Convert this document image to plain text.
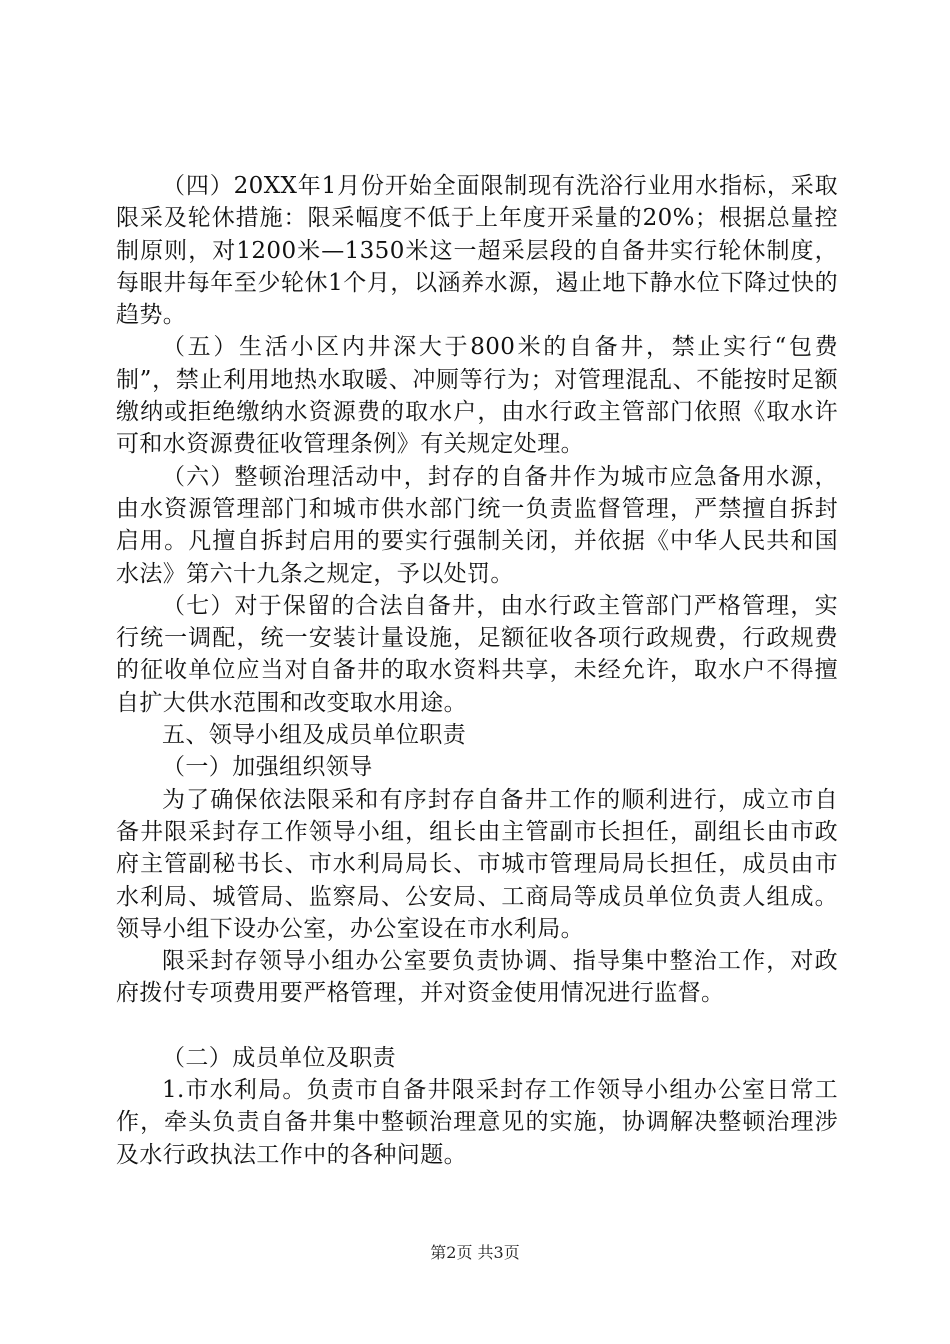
（四）20XX年1月份开始全面限制现有洗浴行业用水指标，采取限采及轮休措施：限采幅度不低于上年度开采量的20%；根据总量控制原则，对1200米—1350米这一超采层段的自备井实行轮休制度，每眼井每年至少轮休1个月，以涵养水源，遏止地下静水位下降过快的趋势。

（五）生活小区内井深大于800米的自备井，禁止实行“包费制”，禁止利用地热水取暖、冲厕等行为；对管理混乱、不能按时足额缴纳或拒绝缴纳水资源费的取水户，由水行政主管部门依照《取水许可和水资源费征收管理条例》有关规定处理。

（六）整顿治理活动中，封存的自备井作为城市应急备用水源，由水资源管理部门和城市供水部门统一负责监督管理，严禁擅自拆封启用。凡擅自拆封启用的要实行强制关闭，并依据《中华人民共和国水法》第六十九条之规定，予以处罚。

（七）对于保留的合法自备井，由水行政主管部门严格管理，实行统一调配，统一安装计量设施，足额征收各项行政规费，行政规费的征收单位应当对自备井的取水资料共享，未经允许，取水户不得擅自扩大供水范围和改变取水用途。

五、领导小组及成员单位职责

（一）加强组织领导

为了确保依法限采和有序封存自备井工作的顺利进行，成立市自备井限采封存工作领导小组，组长由主管副市长担任，副组长由市政府主管副秘书长、市水利局局长、市城市管理局局长担任，成员由市水利局、城管局、监察局、公安局、工商局等成员单位负责人组成。领导小组下设办公室，办公室设在市水利局。

限采封存领导小组办公室要负责协调、指导集中整治工作，对政府拨付专项费用要严格管理，并对资金使用情况进行监督。

（二）成员单位及职责

1.市水利局。负责市自备井限采封存工作领导小组办公室日常工作，牵头负责自备井集中整顿治理意见的实施，协调解决整顿治理涉及水行政执法工作中的各种问题。

第2页 共3页
